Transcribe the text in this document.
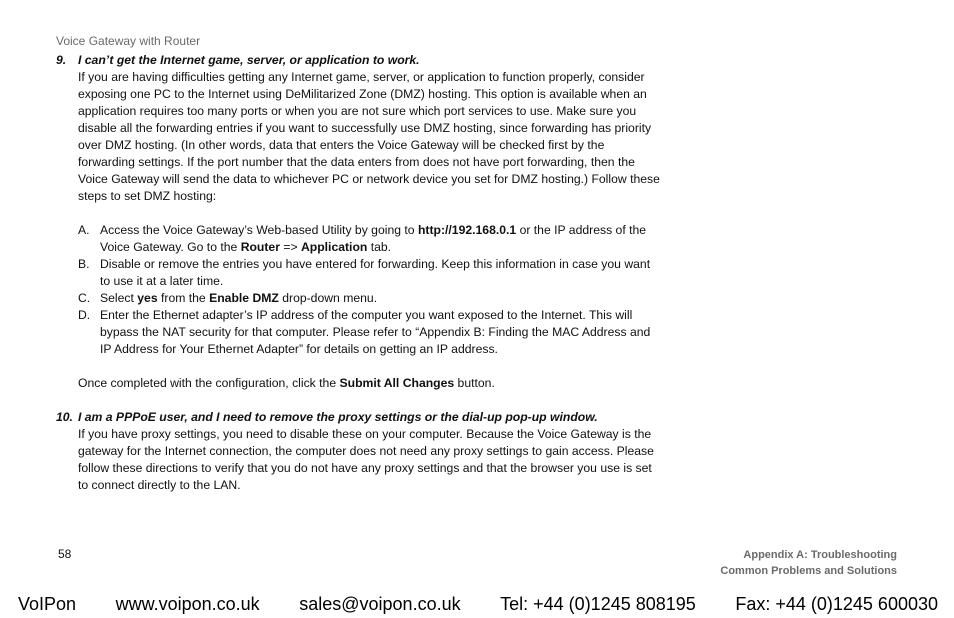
Voice Gateway with Router
9. I can’t get the Internet game, server, or application to work.
If you are having difficulties getting any Internet game, server, or application to function properly, consider exposing one PC to the Internet using DeMilitarized Zone (DMZ) hosting. This option is available when an application requires too many ports or when you are not sure which port services to use. Make sure you disable all the forwarding entries if you want to successfully use DMZ hosting, since forwarding has priority over DMZ hosting. (In other words, data that enters the Voice Gateway will be checked first by the forwarding settings. If the port number that the data enters from does not have port forwarding, then the Voice Gateway will send the data to whichever PC or network device you set for DMZ hosting.) Follow these steps to set DMZ hosting:
A. Access the Voice Gateway’s Web-based Utility by going to http://192.168.0.1 or the IP address of the Voice Gateway. Go to the Router => Application tab.
B. Disable or remove the entries you have entered for forwarding. Keep this information in case you want to use it at a later time.
C. Select yes from the Enable DMZ drop-down menu.
D. Enter the Ethernet adapter’s IP address of the computer you want exposed to the Internet. This will bypass the NAT security for that computer. Please refer to “Appendix B: Finding the MAC Address and IP Address for Your Ethernet Adapter” for details on getting an IP address.
Once completed with the configuration, click the Submit All Changes button.
10. I am a PPPoE user, and I need to remove the proxy settings or the dial-up pop-up window.
If you have proxy settings, you need to disable these on your computer. Because the Voice Gateway is the gateway for the Internet connection, the computer does not need any proxy settings to gain access. Please follow these directions to verify that you do not have any proxy settings and that the browser you use is set to connect directly to the LAN.
58	Appendix A: Troubleshooting
Common Problems and Solutions
VoIPon www.voipon.co.uk sales@voipon.co.uk Tel: +44 (0)1245 808195 Fax: +44 (0)1245 600030
